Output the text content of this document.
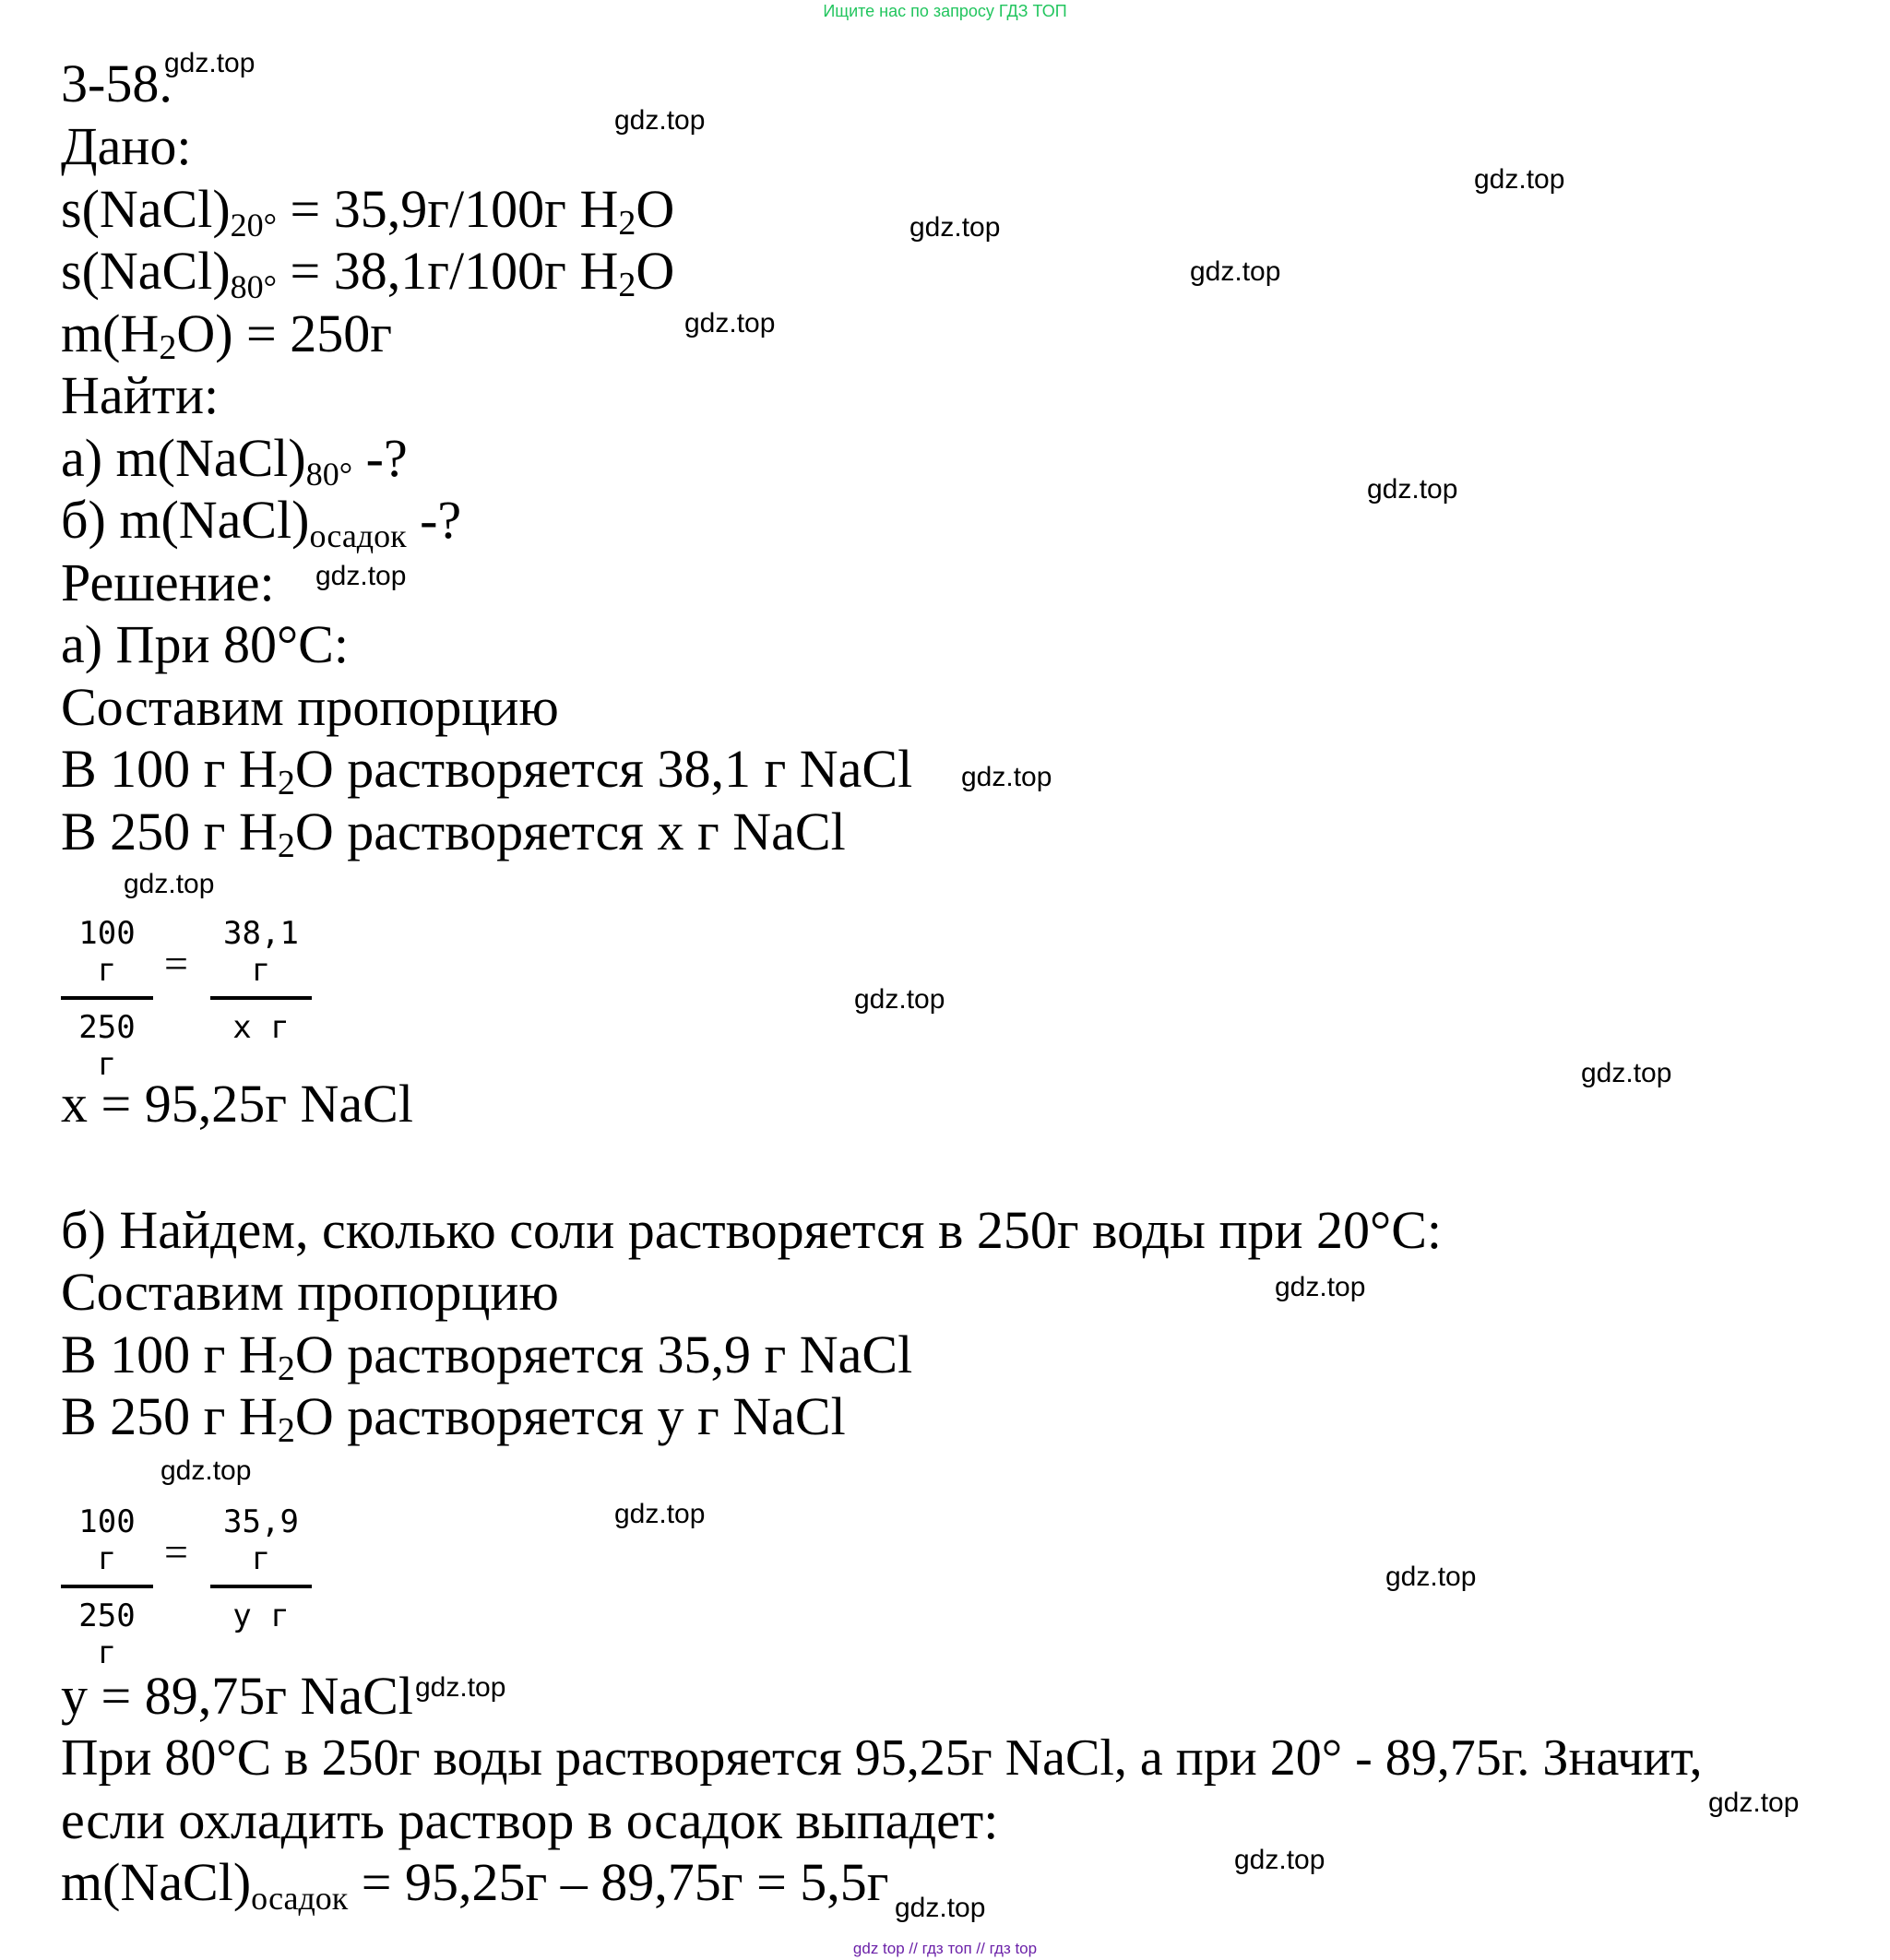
Ищите нас по запросу ГДЗ ТОП
3-58.
Дано:
$s(NaCl)_{20^\circ} = 35,9г/100г$ H2O
$s(NaCl)_{80^\circ} = 38,1г/100г$ H2O
m(H2O) = 250г
Найти:
а) $m(NaCl)_{80^\circ}$ -?
б) $m(NaCl)_{осадок}$ -?
Решение:
а) При 80°С:
Составим пропорцию
В 100 г H2O растворяется 38,1 г NaCl
В 250 г H2O растворяется x г NaCl
100 г
250 г
=
38,1 г
x г
x = 95,25г NaCl
б) Найдем, сколько соли растворяется в 250г воды при 20°С:
Составим пропорцию
В 100 г H2O растворяется 35,9 г NaCl
В 250 г H2O растворяется y г NaCl
100 г
250 г
=
35,9 г
y г
y = 89,75г NaCl
При 80°С в 250г воды растворяется 95,25г NaCl, а при 20° - 89,75г. Значит,
если охладить раствор в осадок выпадет:
$m(NaCl)_{осадок} = 95,25г - 89,75г = 5,5г$
gdz.top
gdz.top
gdz.top
gdz.top
gdz.top
gdz.top
gdz.top
gdz.top
gdz.top
gdz.top
gdz.top
gdz.top
gdz.top
gdz.top
gdz.top
gdz.top
gdz.top
gdz.top
gdz.top
gdz.top
gdz top // гдз топ // гдз top
